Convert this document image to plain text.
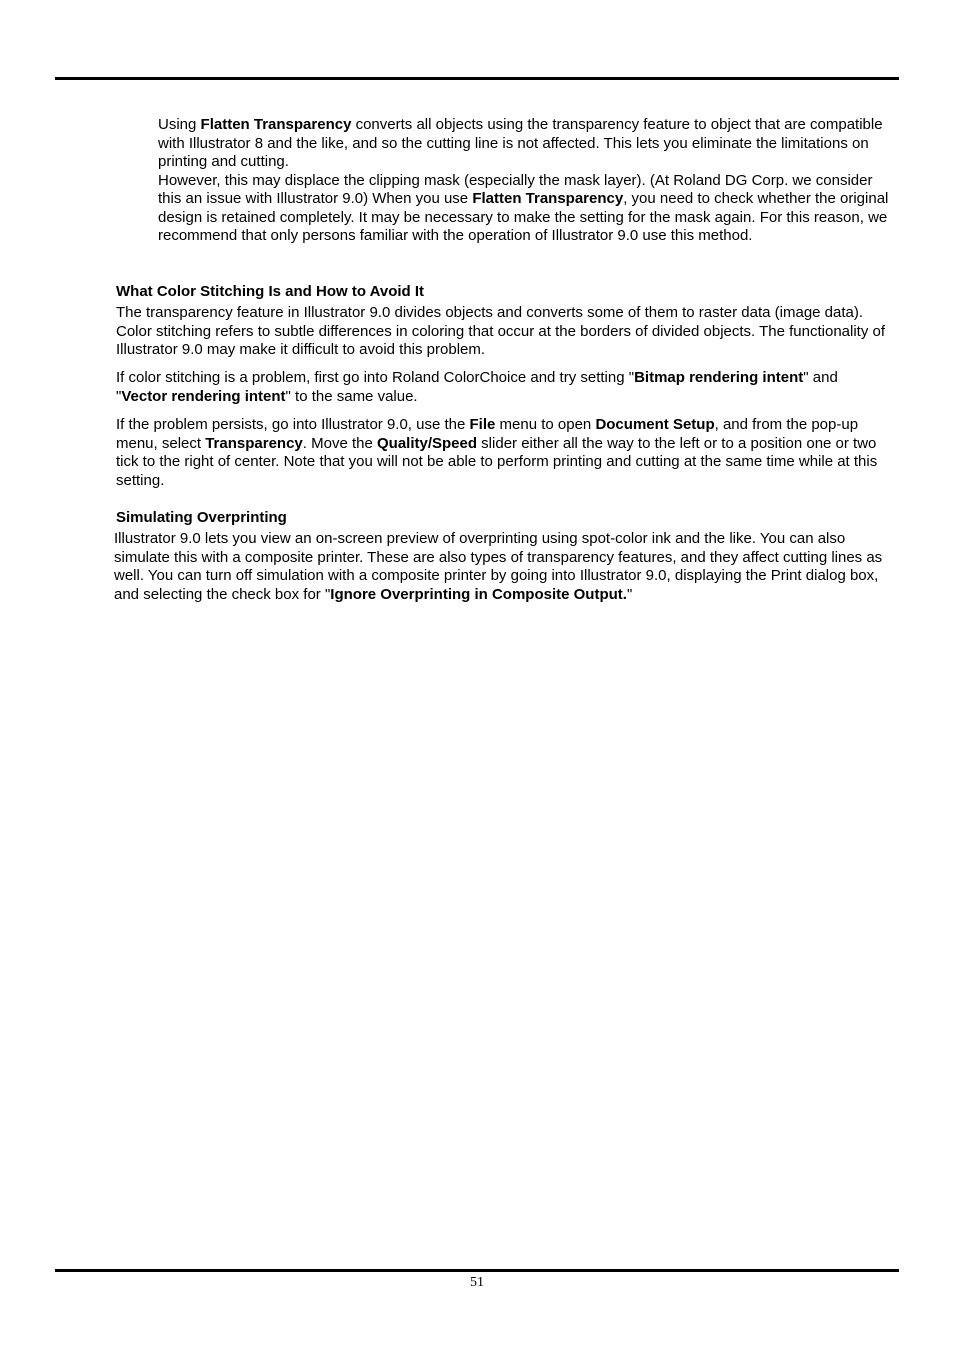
Using Flatten Transparency converts all objects using the transparency feature to object that are compatible with Illustrator 8 and the like, and so the cutting line is not affected. This lets you eliminate the limitations on printing and cutting.

However, this may displace the clipping mask (especially the mask layer). (At Roland DG Corp. we consider this an issue with Illustrator 9.0) When you use Flatten Transparency, you need to check whether the original design is retained completely. It may be necessary to make the setting for the mask again. For this reason, we recommend that only persons familiar with the operation of Illustrator 9.0 use this method.

What Color Stitching Is and How to Avoid It

The transparency feature in Illustrator 9.0 divides objects and converts some of them to raster data (image data). Color stitching refers to subtle differences in coloring that occur at the borders of divided objects. The functionality of Illustrator 9.0 may make it difficult to avoid this problem.

If color stitching is a problem, first go into Roland ColorChoice and try setting "Bitmap rendering intent" and "Vector rendering intent" to the same value.

If the problem persists, go into Illustrator 9.0, use the File menu to open Document Setup, and from the pop-up menu, select Transparency. Move the Quality/Speed slider either all the way to the left or to a position one or two tick to the right of center. Note that you will not be able to perform printing and cutting at the same time while at this setting.

Simulating Overprinting

Illustrator 9.0 lets you view an on-screen preview of overprinting using spot-color ink and the like. You can also simulate this with a composite printer. These are also types of transparency features, and they affect cutting lines as well. You can turn off simulation with a composite printer by going into Illustrator 9.0, displaying the Print dialog box, and selecting the check box for "Ignore Overprinting in Composite Output."

51
